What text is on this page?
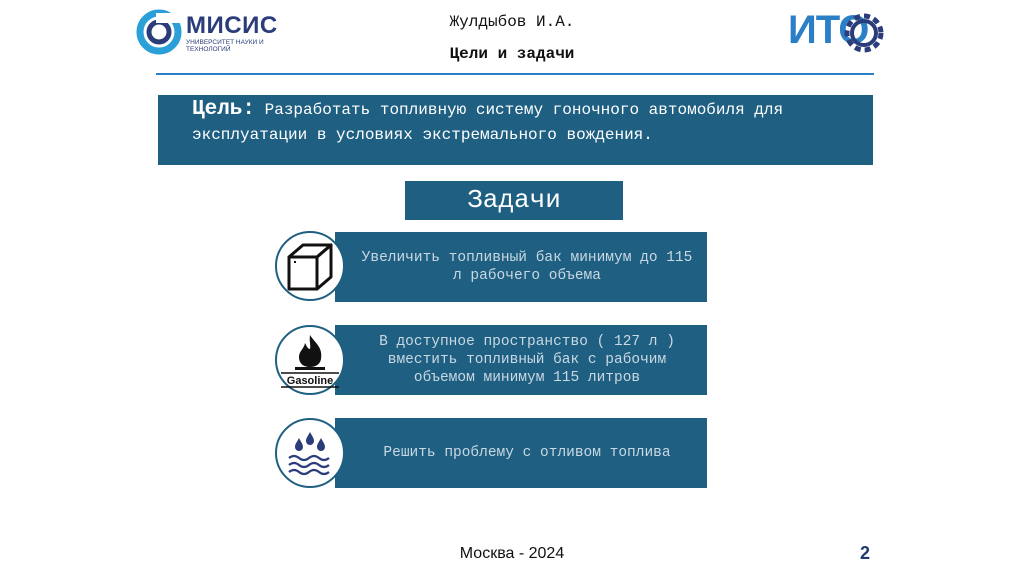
МИСИС
УНИВЕРСИТЕТ НАУКИ И ТЕХНОЛОГИЙ
Жулдыбов И.А.
Цели и задачи
ИТО
Цель: Разработать топливную систему гоночного автомобиля для эксплуатации в условиях экстремального вождения.
Задачи
Увеличить топливный бак минимум до 115 л рабочего объема
В доступное пространство ( 127 л ) вместить топливный бак с рабочим объемом минимум 115 литров
Gasoline
Решить проблему с отливом топлива
Москва - 2024	2
